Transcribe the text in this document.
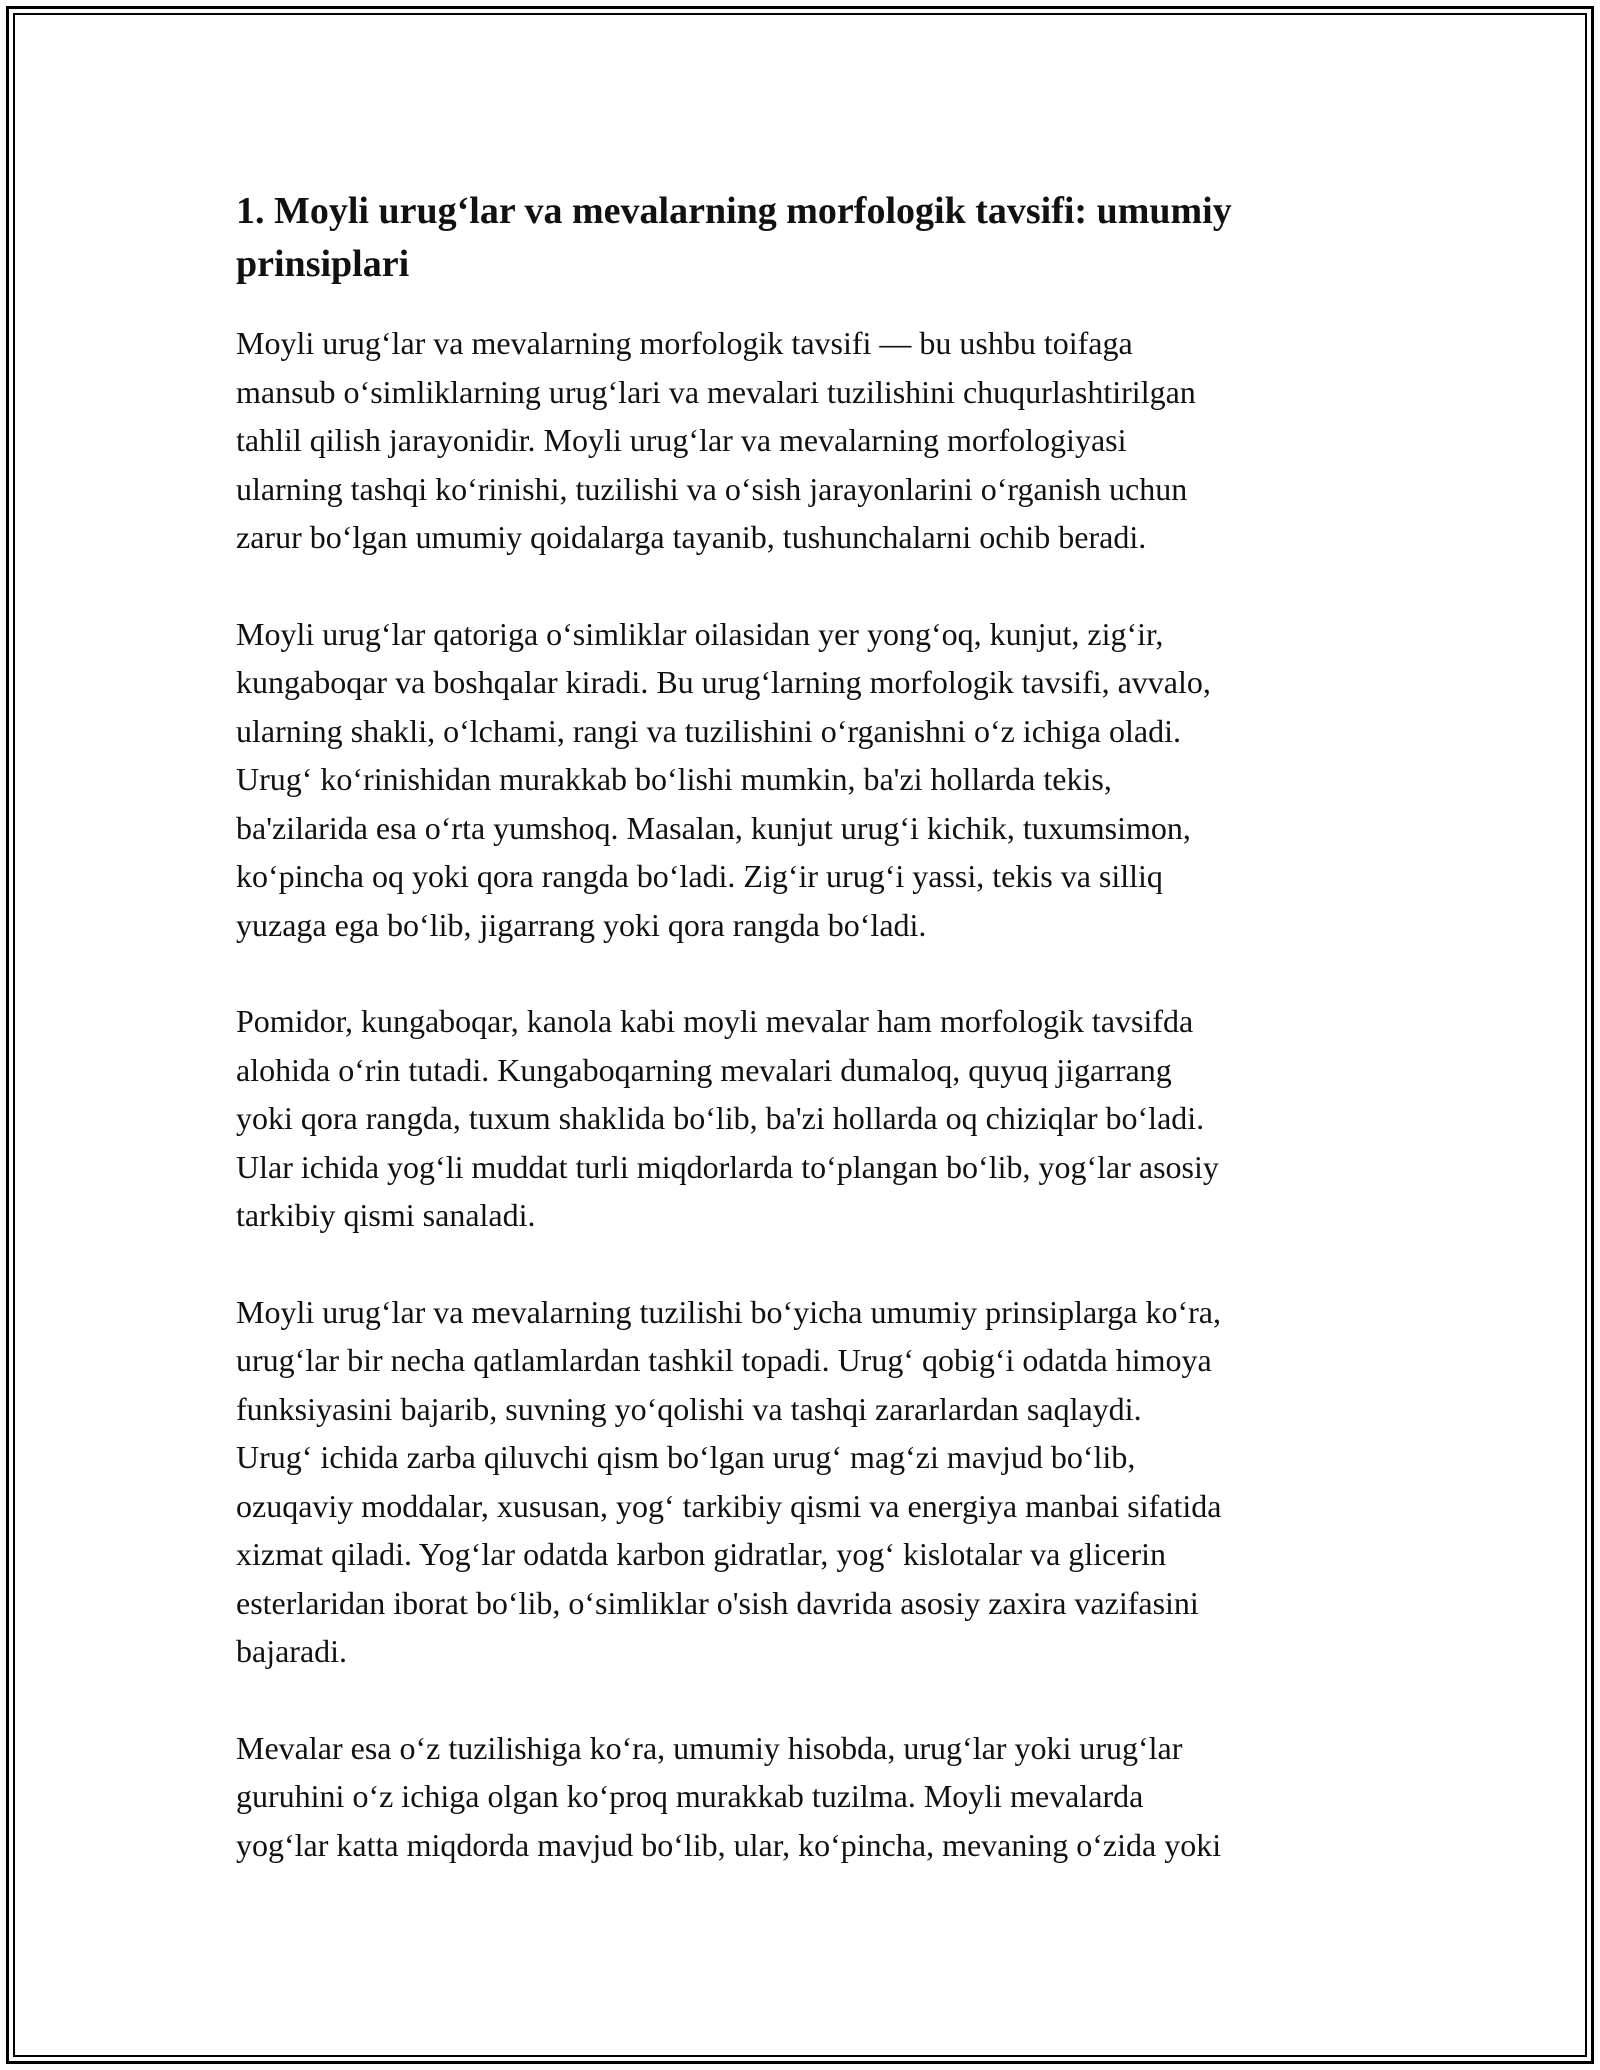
1. Moyli urug‘lar va mevalarning morfologik tavsifi: umumiy
prinsiplari

Moyli urug‘lar va mevalarning morfologik tavsifi — bu ushbu toifaga
mansub o‘simliklarning urug‘lari va mevalari tuzilishini chuqurlashtirilgan
tahlil qilish jarayonidir. Moyli urug‘lar va mevalarning morfologiyasi
ularning tashqi ko‘rinishi, tuzilishi va o‘sish jarayonlarini o‘rganish uchun
zarur bo‘lgan umumiy qoidalarga tayanib, tushunchalarni ochib beradi.

Moyli urug‘lar qatoriga o‘simliklar oilasidan yer yong‘oq, kunjut, zig‘ir,
kungaboqar va boshqalar kiradi. Bu urug‘larning morfologik tavsifi, avvalo,
ularning shakli, o‘lchami, rangi va tuzilishini o‘rganishni o‘z ichiga oladi.
Urug‘ ko‘rinishidan murakkab bo‘lishi mumkin, ba'zi hollarda tekis,
ba'zilarida esa o‘rta yumshoq. Masalan, kunjut urug‘i kichik, tuxumsimon,
ko‘pincha oq yoki qora rangda bo‘ladi. Zig‘ir urug‘i yassi, tekis va silliq
yuzaga ega bo‘lib, jigarrang yoki qora rangda bo‘ladi.

Pomidor, kungaboqar, kanola kabi moyli mevalar ham morfologik tavsifda
alohida o‘rin tutadi. Kungaboqarning mevalari dumaloq, quyuq jigarrang
yoki qora rangda, tuxum shaklida bo‘lib, ba'zi hollarda oq chiziqlar bo‘ladi.
Ular ichida yog‘li muddat turli miqdorlarda to‘plangan bo‘lib, yog‘lar asosiy
tarkibiy qismi sanaladi.

Moyli urug‘lar va mevalarning tuzilishi bo‘yicha umumiy prinsiplarga ko‘ra,
urug‘lar bir necha qatlamlardan tashkil topadi. Urug‘ qobig‘i odatda himoya
funksiyasini bajarib, suvning yo‘qolishi va tashqi zararlardan saqlaydi.
Urug‘ ichida zarba qiluvchi qism bo‘lgan urug‘ mag‘zi mavjud bo‘lib,
ozuqaviy moddalar, xususan, yog‘ tarkibiy qismi va energiya manbai sifatida
xizmat qiladi. Yog‘lar odatda karbon gidratlar, yog‘ kislotalar va glicerin
esterlaridan iborat bo‘lib, o‘simliklar o'sish davrida asosiy zaxira vazifasini
bajaradi.

Mevalar esa o‘z tuzilishiga ko‘ra, umumiy hisobda, urug‘lar yoki urug‘lar
guruhini o‘z ichiga olgan ko‘proq murakkab tuzilma. Moyli mevalarda
yog‘lar katta miqdorda mavjud bo‘lib, ular, ko‘pincha, mevaning o‘zida yoki
